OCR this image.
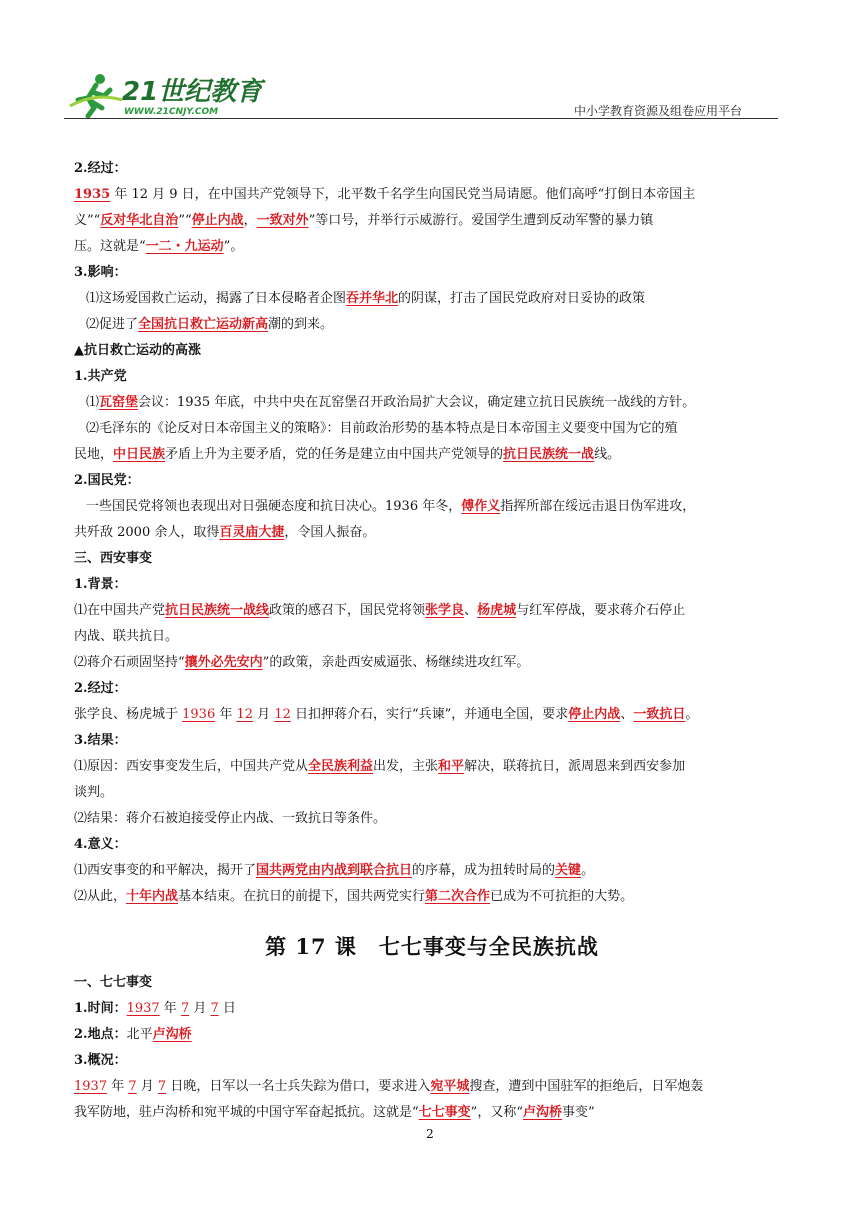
21世纪教育
WWW.21CNJY.COM	中小学教育资源及组卷应用平台
2.经过：
1935 年 12 月 9 日，在中国共产党领导下，北平数千名学生向国民党当局请愿。他们高呼“打倒日本帝国主
义”“反对华北自治”“停止内战，一致对外”等口号，并举行示威游行。爱国学生遭到反动军警的暴力镇
压。这就是“一二・九运动”。
3.影响：
⑴这场爱国救亡运动，揭露了日本侵略者企图吞并华北的阴谋，打击了国民党政府对日妥协的政策
⑵促进了全国抗日救亡运动新高潮的到来。
▲抗日救亡运动的高涨
1.共产党
⑴瓦窑堡会议：1935 年底，中共中央在瓦窑堡召开政治局扩大会议，确定建立抗日民族统一战线的方针。
⑵毛泽东的《论反对日本帝国主义的策略》：目前政治形势的基本特点是日本帝国主义要变中国为它的殖
民地，中日民族矛盾上升为主要矛盾，党的任务是建立由中国共产党领导的抗日民族统一战线。
2.国民党：
一些国民党将领也表现出对日强硬态度和抗日决心。1936 年冬，傅作义指挥所部在绥远击退日伪军进攻，
共歼敌 2000 余人，取得百灵庙大捷，令国人振奋。
三、西安事变
1.背景：
⑴在中国共产党抗日民族统一战线政策的感召下，国民党将领张学良、杨虎城与红军停战，要求蒋介石停止
内战、联共抗日。
⑵蒋介石顽固坚持“攘外必先安内”的政策，亲赴西安威逼张、杨继续进攻红军。
2.经过：
张学良、杨虎城于 1936 年 12 月 12 日扣押蒋介石，实行“兵谏”，并通电全国，要求停止内战、一致抗日。
3.结果：
⑴原因：西安事变发生后，中国共产党从全民族利益出发，主张和平解决，联蒋抗日，派周恩来到西安参加
谈判。
⑵结果：蒋介石被迫接受停止内战、一致抗日等条件。
4.意义：
⑴西安事变的和平解决，揭开了国共两党由内战到联合抗日的序幕，成为扭转时局的关键。
⑵从此，十年内战基本结束。在抗日的前提下，国共两党实行第二次合作已成为不可抗拒的大势。
第 17 课　七七事变与全民族抗战
一、七七事变
1.时间：1937 年 7 月 7 日
2.地点：北平卢沟桥
3.概况：
1937 年 7 月 7 日晚，日军以一名士兵失踪为借口，要求进入宛平城搜查，遭到中国驻军的拒绝后，日军炮轰
我军防地，驻卢沟桥和宛平城的中国守军奋起抵抗。这就是“七七事变”，又称“卢沟桥事变”
2
